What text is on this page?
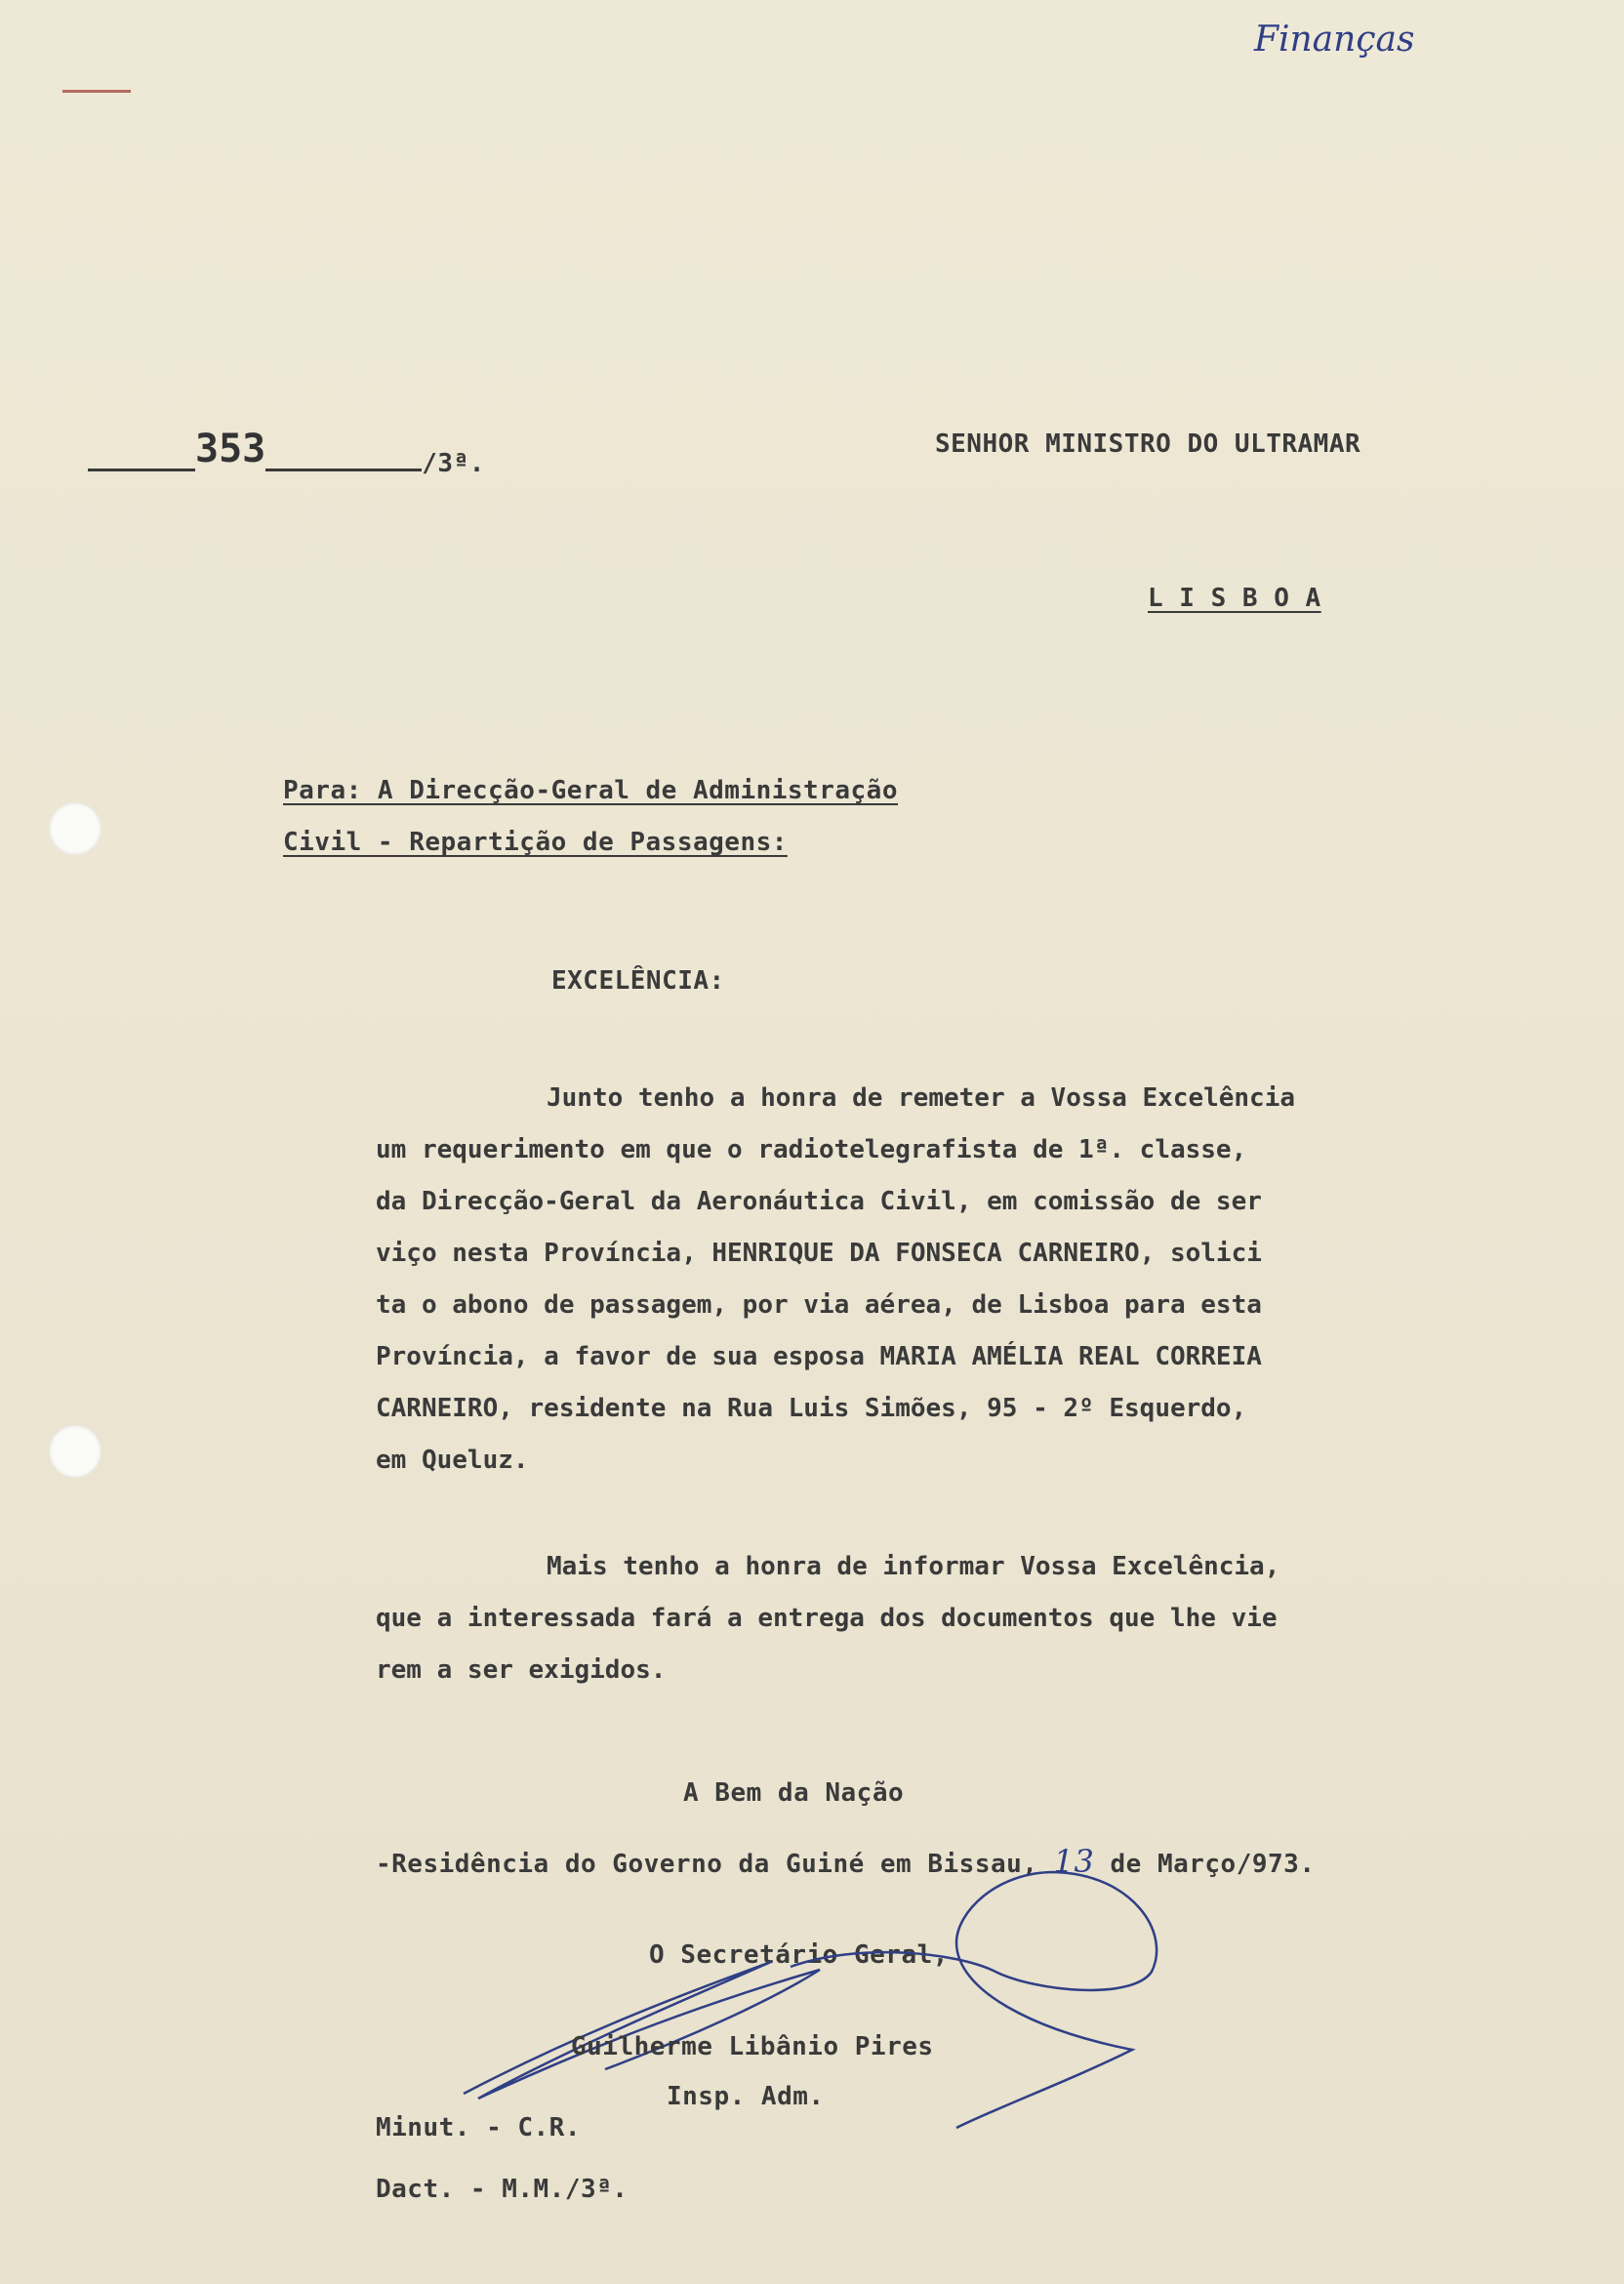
Finanças
353	/3ª.
SENHOR MINISTRO DO ULTRAMAR
L I S B O A
Para: A Direcção-Geral de Administração
Civil - Repartição de Passagens:
EXCELÊNCIA:
Junto tenho a honra de remeter a Vossa Excelência
um requerimento em que o radiotelegrafista de 1ª. classe,
da Direcção-Geral da Aeronáutica Civil, em comissão de ser
viço nesta Província, HENRIQUE DA FONSECA CARNEIRO, solici
ta o abono de passagem, por via aérea, de Lisboa para esta
Província, a favor de sua esposa MARIA AMÉLIA REAL CORREIA
CARNEIRO, residente na Rua Luis Simões, 95 - 2º Esquerdo,
em Queluz.
Mais tenho a honra de informar Vossa Excelência,
que a interessada fará a entrega dos documentos que lhe vie
rem a ser exigidos.
A Bem da Nação
-Residência do Governo da Guiné em Bissau, 13 de Março/973.
O Secretário Geral,
Guilherme Libânio Pires
Insp. Adm.
Minut. - C.R.
Dact. - M.M./3ª.
